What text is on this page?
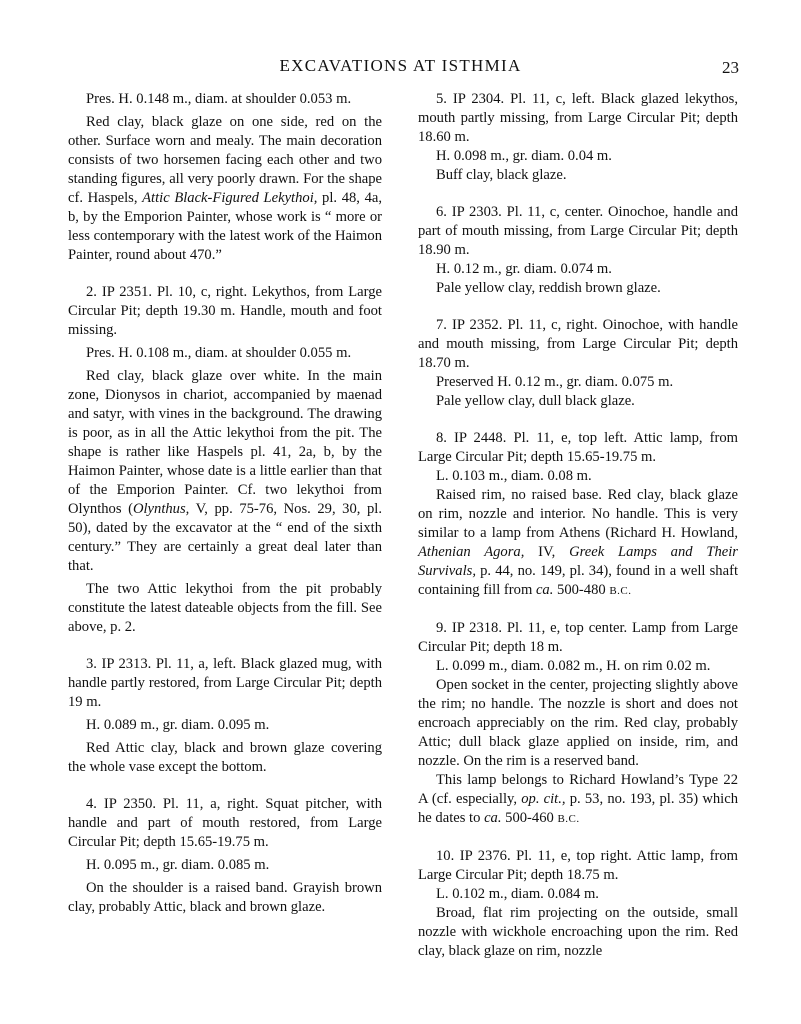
EXCAVATIONS AT ISTHMIA	23

Pres. H. 0.148 m., diam. at shoulder 0.053 m.

Red clay, black glaze on one side, red on the other. Surface worn and mealy. The main decoration consists of two horsemen facing each other and two standing figures, all very poorly drawn. For the shape cf. Haspels, Attic Black-Figured Lekythoi, pl. 48, 4a, b, by the Emporion Painter, whose work is “ more or less contemporary with the latest work of the Haimon Painter, round about 470.”

2. IP 2351. Pl. 10, c, right. Lekythos, from Large Circular Pit; depth 19.30 m. Handle, mouth and foot missing.

Pres. H. 0.108 m., diam. at shoulder 0.055 m.

Red clay, black glaze over white. In the main zone, Dionysos in chariot, accompanied by maenad and satyr, with vines in the background. The drawing is poor, as in all the Attic lekythoi from the pit. The shape is rather like Haspels pl. 41, 2a, b, by the Haimon Painter, whose date is a little earlier than that of the Emporion Painter. Cf. two lekythoi from Olynthos (Olynthus, V, pp. 75-76, Nos. 29, 30, pl. 50), dated by the excavator at the “ end of the sixth century.” They are certainly a great deal later than that.

The two Attic lekythoi from the pit probably constitute the latest dateable objects from the fill. See above, p. 2.

3. IP 2313. Pl. 11, a, left. Black glazed mug, with handle partly restored, from Large Circular Pit; depth 19 m.

H. 0.089 m., gr. diam. 0.095 m.

Red Attic clay, black and brown glaze covering the whole vase except the bottom.

4. IP 2350. Pl. 11, a, right. Squat pitcher, with handle and part of mouth restored, from Large Circular Pit; depth 15.65-19.75 m.

H. 0.095 m., gr. diam. 0.085 m.

On the shoulder is a raised band. Grayish brown clay, probably Attic, black and brown glaze.

5. IP 2304. Pl. 11, c, left. Black glazed lekythos, mouth partly missing, from Large Circular Pit; depth 18.60 m.

H. 0.098 m., gr. diam. 0.04 m.

Buff clay, black glaze.

6. IP 2303. Pl. 11, c, center. Oinochoe, handle and part of mouth missing, from Large Circular Pit; depth 18.90 m.

H. 0.12 m., gr. diam. 0.074 m.

Pale yellow clay, reddish brown glaze.

7. IP 2352. Pl. 11, c, right. Oinochoe, with handle and mouth missing, from Large Circular Pit; depth 18.70 m.

Preserved H. 0.12 m., gr. diam. 0.075 m.

Pale yellow clay, dull black glaze.

8. IP 2448. Pl. 11, e, top left. Attic lamp, from Large Circular Pit; depth 15.65-19.75 m.

L. 0.103 m., diam. 0.08 m.

Raised rim, no raised base. Red clay, black glaze on rim, nozzle and interior. No handle. This is very similar to a lamp from Athens (Richard H. Howland, Athenian Agora, IV, Greek Lamps and Their Survivals, p. 44, no. 149, pl. 34), found in a well shaft containing fill from ca. 500-480 B.C.

9. IP 2318. Pl. 11, e, top center. Lamp from Large Circular Pit; depth 18 m.

L. 0.099 m., diam. 0.082 m., H. on rim 0.02 m.

Open socket in the center, projecting slightly above the rim; no handle. The nozzle is short and does not encroach appreciably on the rim. Red clay, probably Attic; dull black glaze applied on inside, rim, and nozzle. On the rim is a reserved band.

This lamp belongs to Richard Howland’s Type 22 A (cf. especially, op. cit., p. 53, no. 193, pl. 35) which he dates to ca. 500-460 B.C.

10. IP 2376. Pl. 11, e, top right. Attic lamp, from Large Circular Pit; depth 18.75 m.

L. 0.102 m., diam. 0.084 m.

Broad, flat rim projecting on the outside, small nozzle with wickhole encroaching upon the rim. Red clay, black glaze on rim, nozzle
